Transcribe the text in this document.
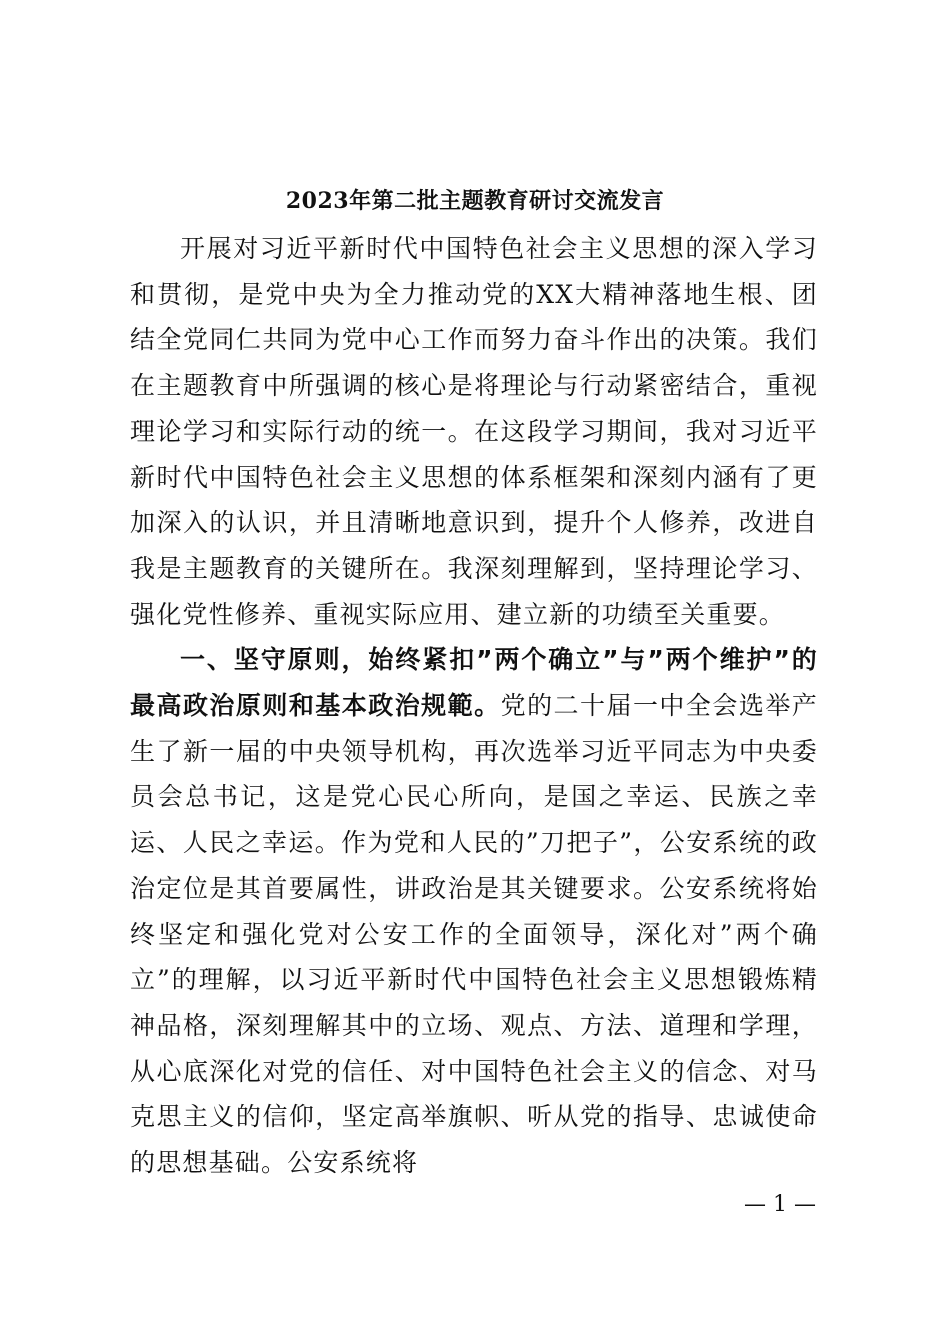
2023年第二批主题教育研讨交流发言

开展对习近平新时代中国特色社会主义思想的深入学习和贯彻，是党中央为全力推动党的XX大精神落地生根、团结全党同仁共同为党中心工作而努力奋斗作出的决策。我们在主题教育中所强调的核心是将理论与行动紧密结合，重视理论学习和实际行动的统一。在这段学习期间，我对习近平新时代中国特色社会主义思想的体系框架和深刻内涵有了更加深入的认识，并且清晰地意识到，提升个人修养，改进自我是主题教育的关键所在。我深刻理解到，坚持理论学习、强化党性修养、重视实际应用、建立新的功绩至关重要。

一、坚守原则，始终紧扣”两个确立”与”两个维护”的最高政治原则和基本政治规範。党的二十届一中全会选举产生了新一届的中央领导机构，再次选举习近平同志为中央委员会总书记，这是党心民心所向，是国之幸运、民族之幸运、人民之幸运。作为党和人民的”刀把子”，公安系统的政治定位是其首要属性，讲政治是其关键要求。公安系统将始终坚定和强化党对公安工作的全面领导，深化对”两个确立”的理解，以习近平新时代中国特色社会主义思想锻炼精神品格，深刻理解其中的立场、观点、方法、道理和学理，从心底深化对党的信任、对中国特色社会主义的信念、对马克思主义的信仰，坚定高举旗帜、听从党的指导、忠诚使命的思想基础。公安系统将

— 1 —
